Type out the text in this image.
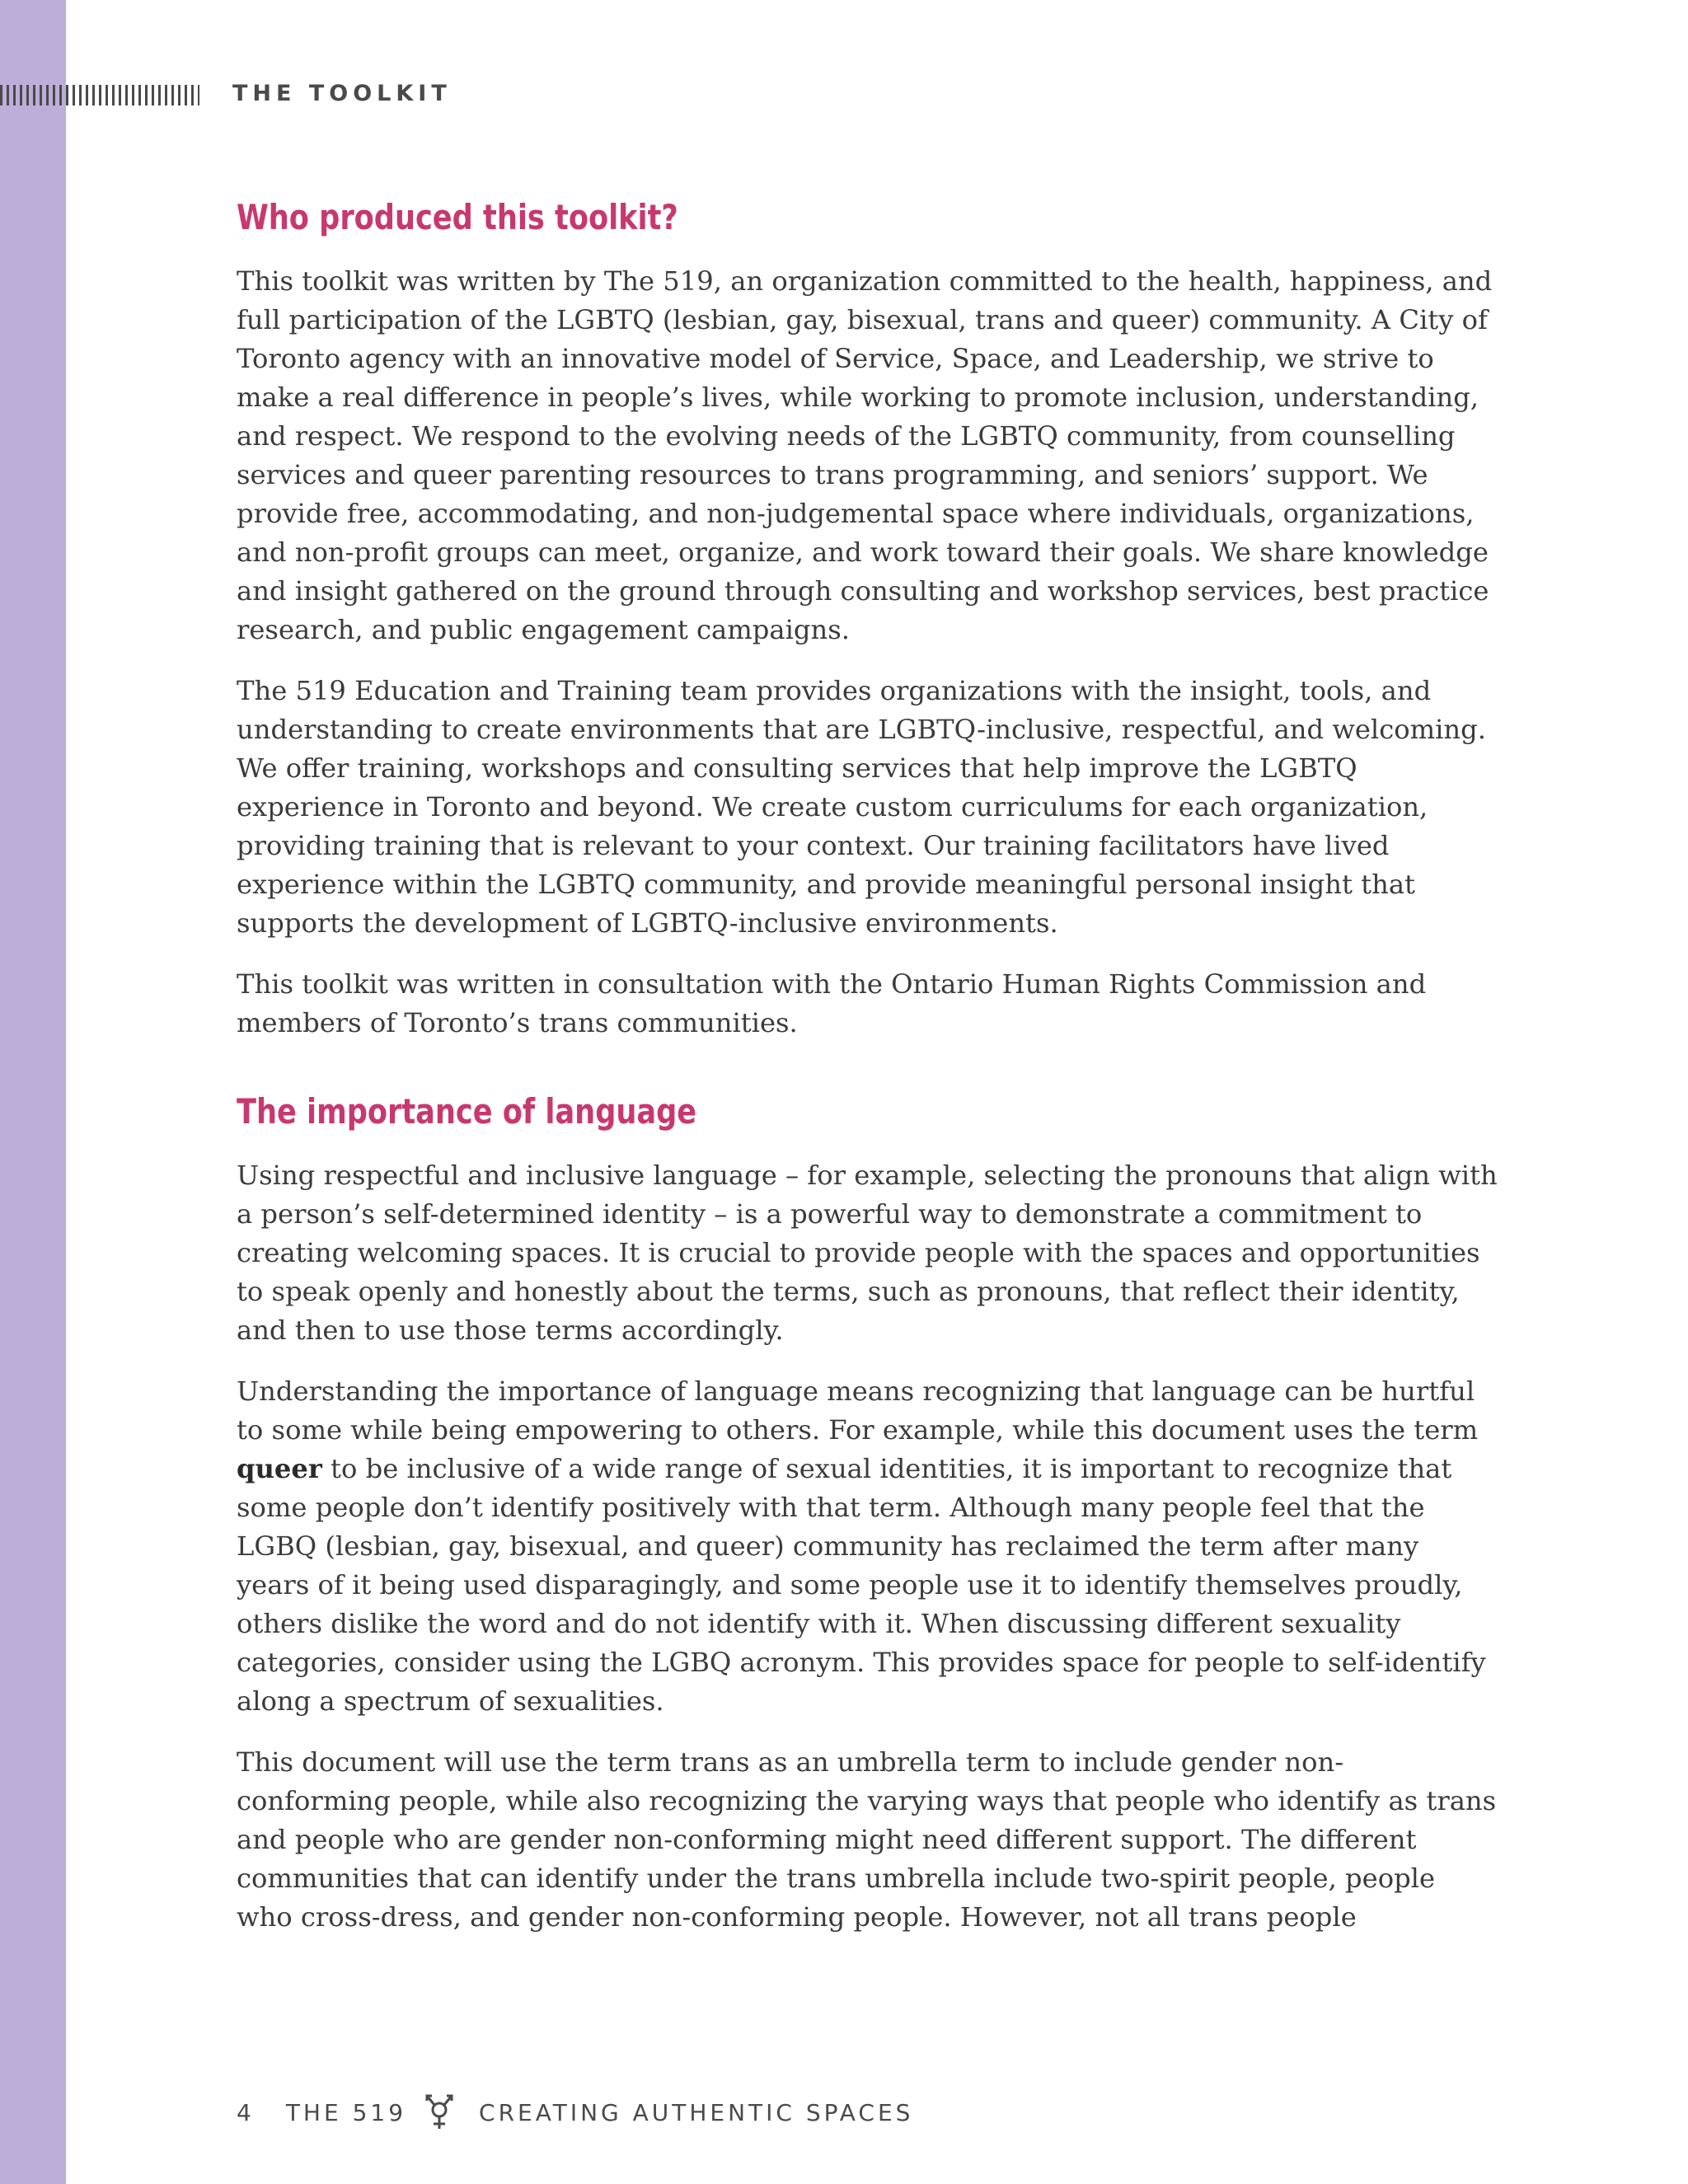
THE TOOLKIT
Who produced this toolkit?

This toolkit was written by The 519, an organization committed to the health, happiness, and full participation of the LGBTQ (lesbian, gay, bisexual, trans and queer) community. A City of Toronto agency with an innovative model of Service, Space, and Leadership, we strive to make a real difference in people’s lives, while working to promote inclusion, understanding, and respect. We respond to the evolving needs of the LGBTQ community, from counselling services and queer parenting resources to trans programming, and seniors’ support. We provide free, accommodating, and non-judgemental space where individuals, organizations, and non-profit groups can meet, organize, and work toward their goals. We share knowledge and insight gathered on the ground through consulting and workshop services, best practice research, and public engagement campaigns.

The 519 Education and Training team provides organizations with the insight, tools, and understanding to create environments that are LGBTQ-inclusive, respectful, and welcoming. We offer training, workshops and consulting services that help improve the LGBTQ experience in Toronto and beyond. We create custom curriculums for each organization, providing training that is relevant to your context. Our training facilitators have lived experience within the LGBTQ community, and provide meaningful personal insight that supports the development of LGBTQ-inclusive environments.

This toolkit was written in consultation with the Ontario Human Rights Commission and members of Toronto’s trans communities.

The importance of language

Using respectful and inclusive language – for example, selecting the pronouns that align with a person’s self-determined identity – is a powerful way to demonstrate a commitment to creating welcoming spaces. It is crucial to provide people with the spaces and opportunities to speak openly and honestly about the terms, such as pronouns, that reflect their identity, and then to use those terms accordingly.

Understanding the importance of language means recognizing that language can be hurtful to some while being empowering to others. For example, while this document uses the term queer to be inclusive of a wide range of sexual identities, it is important to recognize that some people don’t identify positively with that term. Although many people feel that the LGBQ (lesbian, gay, bisexual, and queer) community has reclaimed the term after many years of it being used disparagingly, and some people use it to identify themselves proudly, others dislike the word and do not identify with it. When discussing different sexuality categories, consider using the LGBQ acronym. This provides space for people to self-identify along a spectrum of sexualities.

This document will use the term trans as an umbrella term to include gender non-conforming people, while also recognizing the varying ways that people who identify as trans and people who are gender non-conforming might need different support. The different communities that can identify under the trans umbrella include two-spirit people, people who cross-dress, and gender non-conforming people. However, not all trans people

4 THE 519	CREATING AUTHENTIC SPACES
